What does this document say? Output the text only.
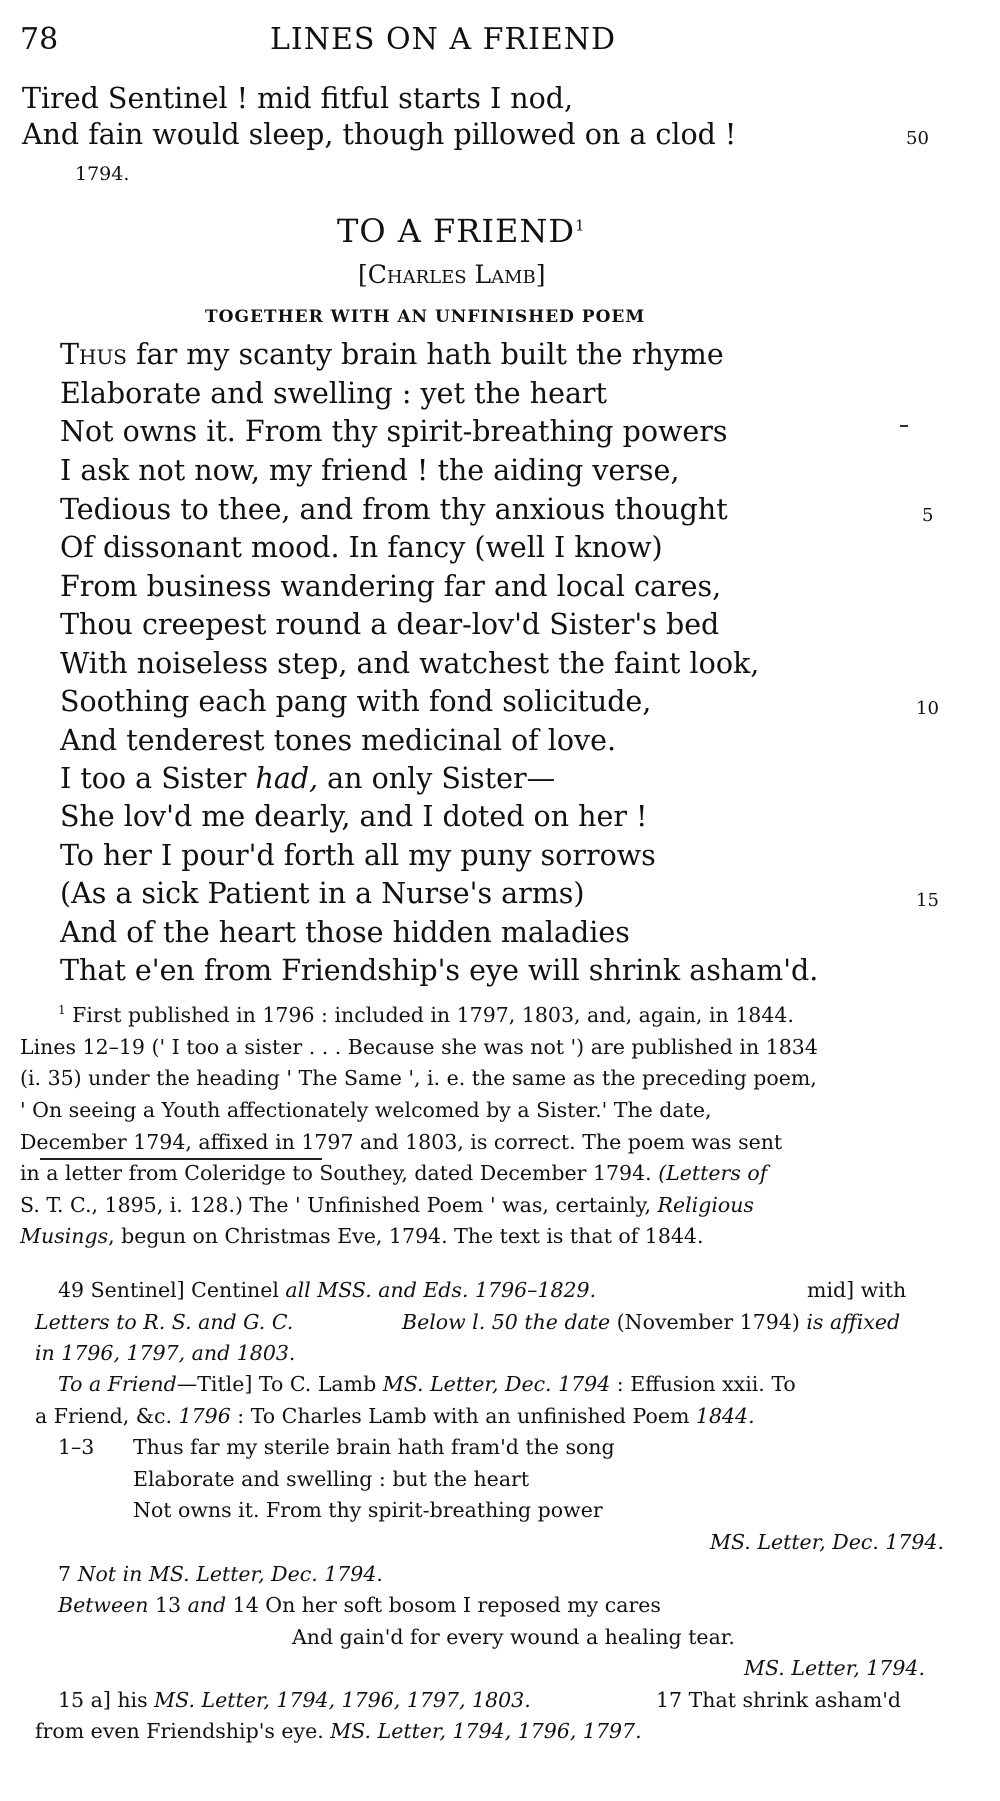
78	LINES ON A FRIEND
Tired Sentinel ! mid fitful starts I nod,
And fain would sleep, though pillowed on a clod !	50
1794.
TO A FRIEND$^1$
[Charles Lamb]
TOGETHER WITH AN UNFINISHED POEM
Thus far my scanty brain hath built the rhyme
Elaborate and swelling : yet the heart
Not owns it. From thy spirit-breathing powers
I ask not now, my friend ! the aiding verse,
Tedious to thee, and from thy anxious thought	5
Of dissonant mood. In fancy (well I know)
From business wandering far and local cares,
Thou creepest round a dear-lov'd Sister's bed
With noiseless step, and watchest the faint look,
Soothing each pang with fond solicitude,	10
And tenderest tones medicinal of love.
I too a Sister had, an only Sister—
She lov'd me dearly, and I doted on her !
To her I pour'd forth all my puny sorrows
(As a sick Patient in a Nurse's arms)	15
And of the heart those hidden maladies
That e'en from Friendship's eye will shrink asham'd.
$^1$ First published in 1796 : included in 1797, 1803, and, again, in 1844.
Lines 12–19 (' I too a sister . . . Because she was not ') are published in 1834
(i. 35) under the heading ' The Same ', i. e. the same as the preceding poem,
' On seeing a Youth affectionately welcomed by a Sister.' The date,
December 1794, affixed in 1797 and 1803, is correct. The poem was sent
in a letter from Coleridge to Southey, dated December 1794. (Letters of
S. T. C., 1895, i. 128.) The ' Unfinished Poem ' was, certainly, Religious
Musings, begun on Christmas Eve, 1794. The text is that of 1844.
49 Sentinel] Centinel all MSS. and Eds. 1796–1829.	mid] with
Letters to R. S. and G. C.	Below l. 50 the date (November 1794) is affixed
in 1796, 1797, and 1803.
To a Friend—Title] To C. Lamb MS. Letter, Dec. 1794 : Effusion xxii. To
a Friend, &c. 1796 : To Charles Lamb with an unfinished Poem 1844.
1–3 Thus far my sterile brain hath fram'd the song
Elaborate and swelling : but the heart
Not owns it. From thy spirit-breathing power
MS. Letter, Dec. 1794.
7 Not in MS. Letter, Dec. 1794.
Between 13 and 14 On her soft bosom I reposed my cares
And gain'd for every wound a healing tear.
MS. Letter, 1794.
15 a] his MS. Letter, 1794, 1796, 1797, 1803.	17 That shrink asham'd
from even Friendship's eye. MS. Letter, 1794, 1796, 1797.
